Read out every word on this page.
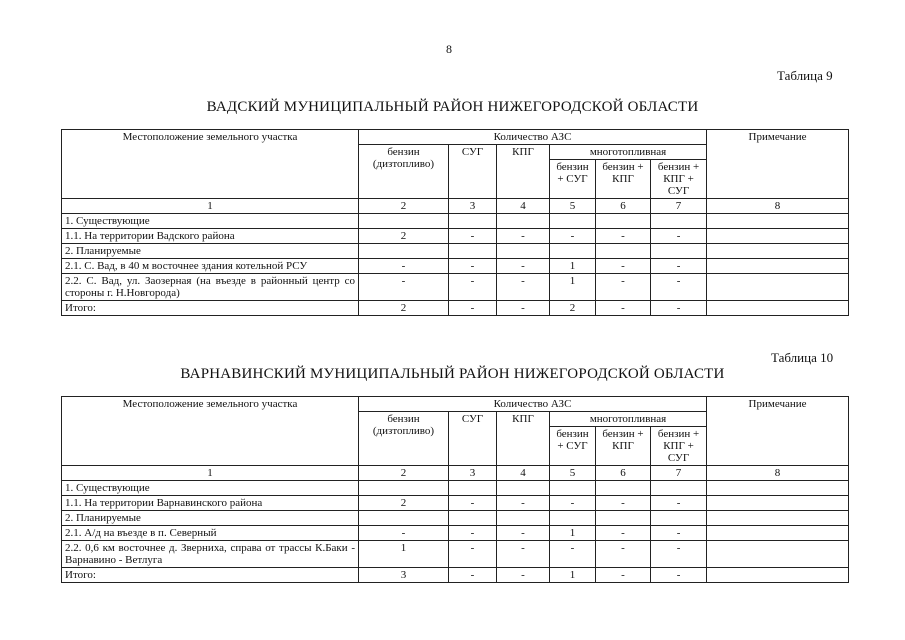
8
Таблица 9
ВАДСКИЙ МУНИЦИПАЛЬНЫЙ РАЙОН НИЖЕГОРОДСКОЙ ОБЛАСТИ
Местоположение земельного участка	Количество АЗС						Примечание
	бензин (дизтопливо)	СУГ	КПГ	многотопливная			
				бензин + СУГ	бензин + КПГ	бензин + КПГ + СУГ	
1	2	3	4	5	6	7	8
1. Существующие							
1.1. На территории Вадского района	2	-	-	-	-	-	
2. Планируемые							
2.1. С. Вад, в 40 м восточнее здания котельной РСУ	-	-	-	1	-	-	
2.2. С. Вад, ул. Заозерная (на въезде в районный центр со стороны г. Н.Новгорода)	-	-	-	1	-	-	
Итого:	2	-	-	2	-	-	
Таблица 10
ВАРНАВИНСКИЙ МУНИЦИПАЛЬНЫЙ РАЙОН НИЖЕГОРОДСКОЙ ОБЛАСТИ
Местоположение земельного участка	Количество АЗС						Примечание
	бензин (дизтопливо)	СУГ	КПГ	многотопливная			
				бензин + СУГ	бензин + КПГ	бензин + КПГ + СУГ	
1	2	3	4	5	6	7	8
1. Существующие							
1.1. На территории Варнавинского района	2	-	-	-	-	-	
2. Планируемые							
2.1. А/д на въезде в п. Северный	-	-	-	1	-	-	
2.2. 0,6 км восточнее д. Зверниха, справа от трассы К.Баки - Варнавино - Ветлуга	1	-	-	-	-	-	
Итого:	3	-	-	1	-	-	
